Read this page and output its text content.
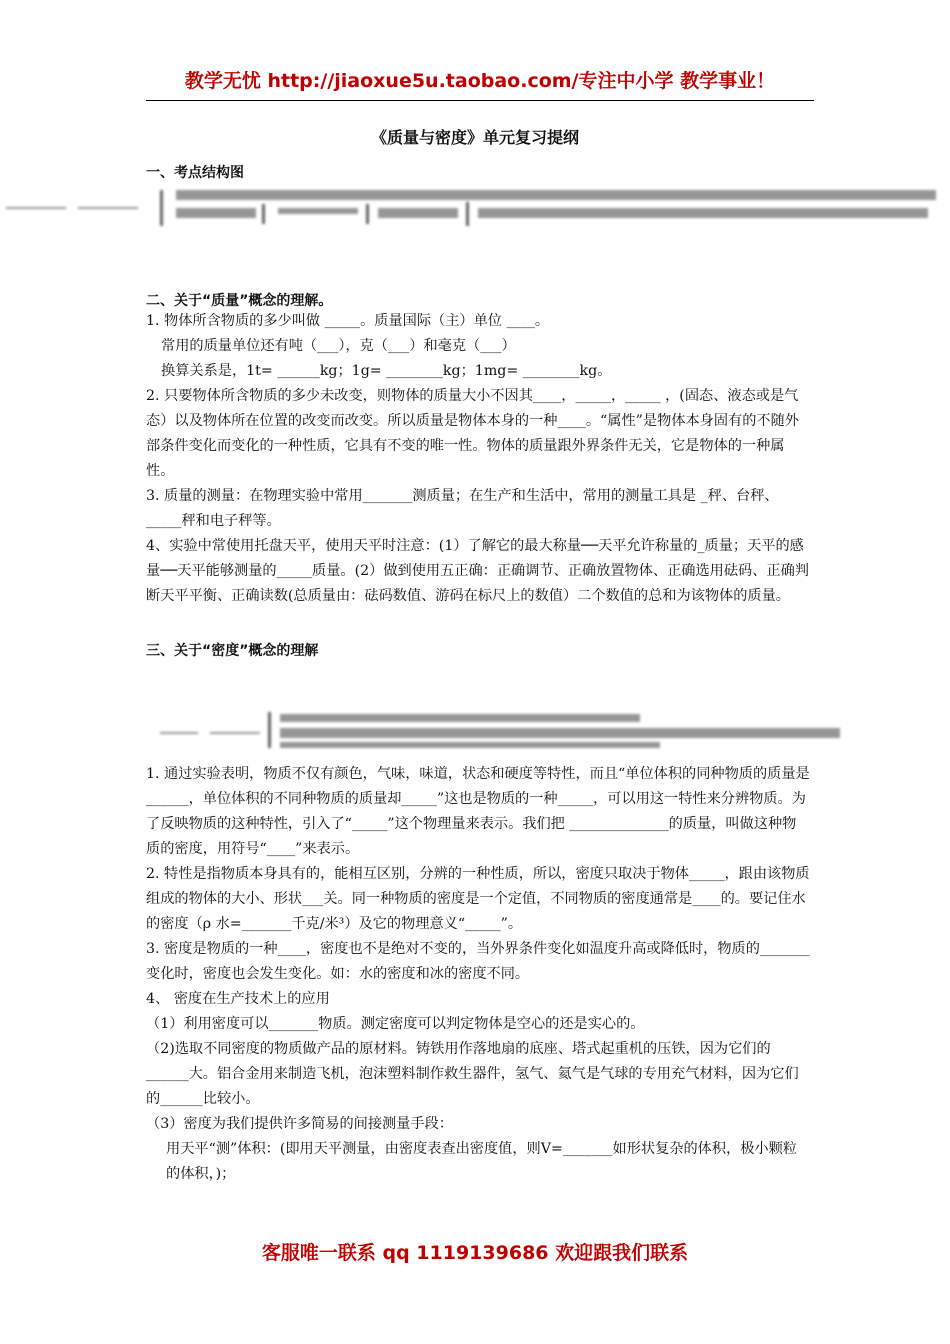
教学无忧 http://jiaoxue5u.taobao.com/专注中小学 教学事业！
《质量与密度》单元复习提纲
一、考点结构图
二、关于“质量”概念的理解。

1. 物体所含物质的多少叫做 _____。质量国际（主）单位 ____。

常用的质量单位还有吨（___），克（___）和毫克（___）

换算关系是，1t= ______kg；1g= ________kg；1mg= ________kg。

2. 只要物体所含物质的多少未改变，则物体的质量大小不因其____，_____，_____ ，(固态、液态或是气态）以及物体所在位置的改变而改变。所以质量是物体本身的一种____。“属性”是物体本身固有的不随外部条件变化而变化的一种性质，它具有不变的唯一性。物体的质量跟外界条件无关，它是物体的一种属性。

3. 质量的测量：在物理实验中常用_______测质量；在生产和生活中，常用的测量工具是 _秤、台秤、 _____秤和电子秤等。

4、实验中常使用托盘天平，使用天平时注意：(1）了解它的最大称量──天平允许称量的_质量；天平的感量──天平能够测量的_____质量。(2）做到使用五正确：正确调节、正确放置物体、正确选用砝码、正确判断天平平衡、正确读数(总质量由：砝码数值、游码在标尺上的数值）二个数值的总和为该物体的质量。

三、关于“密度”概念的理解

1. 通过实验表明，物质不仅有颜色，气味，味道，状态和硬度等特性，而且“单位体积的同种物质的质量是______，单位体积的不同种物质的质量却_____”这也是物质的一种_____，可以用这一特性来分辨物质。为了反映物质的这种特性，引入了“_____”这个物理量来表示。我们把 ______________的质量，叫做这种物质的密度，用符号“____”来表示。

2. 特性是指物质本身具有的，能相互区别，分辨的一种性质，所以，密度只取决于物体_____，跟由该物质组成的物体的大小、形状___关。同一种物质的密度是一个定值，不同物质的密度通常是____的。要记住水的密度（ρ 水=_______千克/米³）及它的物理意义“_____”。

3. 密度是物质的一种____，密度也不是绝对不变的，当外界条件变化如温度升高或降低时，物质的_______变化时，密度也会发生变化。如：水的密度和冰的密度不同。

4、 密度在生产技术上的应用

（1）利用密度可以_______物质。测定密度可以判定物体是空心的还是实心的。

（2)选取不同密度的物质做产品的原材料。铸铁用作落地扇的底座、塔式起重机的压铁，因为它们的______大。铝合金用来制造飞机，泡沫塑料制作救生器件，氢气、氦气是气球的专用充气材料，因为它们的______比较小。

（3）密度为我们提供许多简易的间接测量手段：

用天平“测”体积：(即用天平测量，由密度表查出密度值，则V=_______如形状复杂的体积，极小颗粒的体积，)；

客服唯一联系 qq 1119139686 欢迎跟我们联系
